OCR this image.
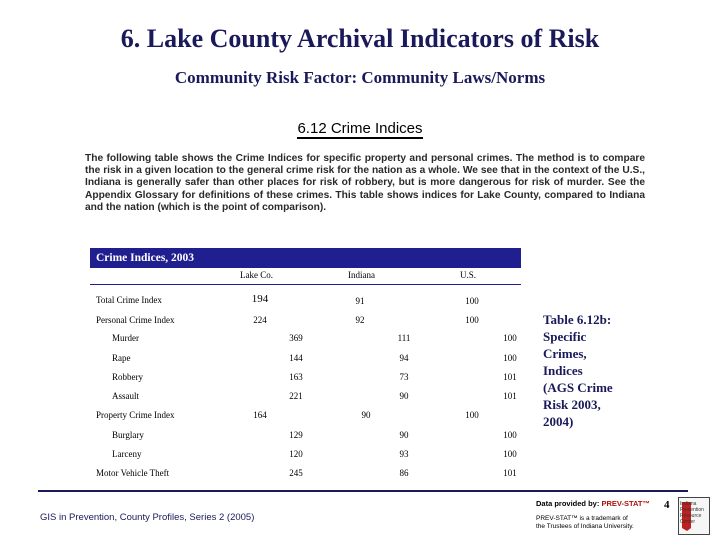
6. Lake County Archival Indicators of Risk
Community Risk Factor: Community Laws/Norms
6.12 Crime Indices
The following table shows the Crime Indices for specific property and personal crimes. The method is to compare the risk in a given location to the general crime risk for the nation as a whole. We see that in the context of the U.S., Indiana is generally safer than other places for risk of robbery, but is more dangerous for risk of murder. See the Appendix Glossary for definitions of these crimes. This table shows indices for Lake County, compared to Indiana and the nation (which is the point of comparison).
Crime Indices, 2003
Lake Co.	Indiana	U.S.
Total Crime Index	194	91	100
Personal Crime Index	224	92	100
Murder	369	111	100
Rape	144	94	100
Robbery	163	73	101
Assault	221	90	101
Property Crime Index	164	90	100
Burglary	129	90	100
Larceny	120	93	100
Motor Vehicle Theft	245	86	101
Table 6.12b:
Specific
Crimes,
Indices
(AGS Crime
Risk 2003,
2004)
GIS in Prevention, County Profiles, Series 2 (2005)
Data provided by: PREV-STAT™
PREV-STAT™ is a trademark of the Trustees of Indiana University.
4 Indiana Prevention Resource Center
